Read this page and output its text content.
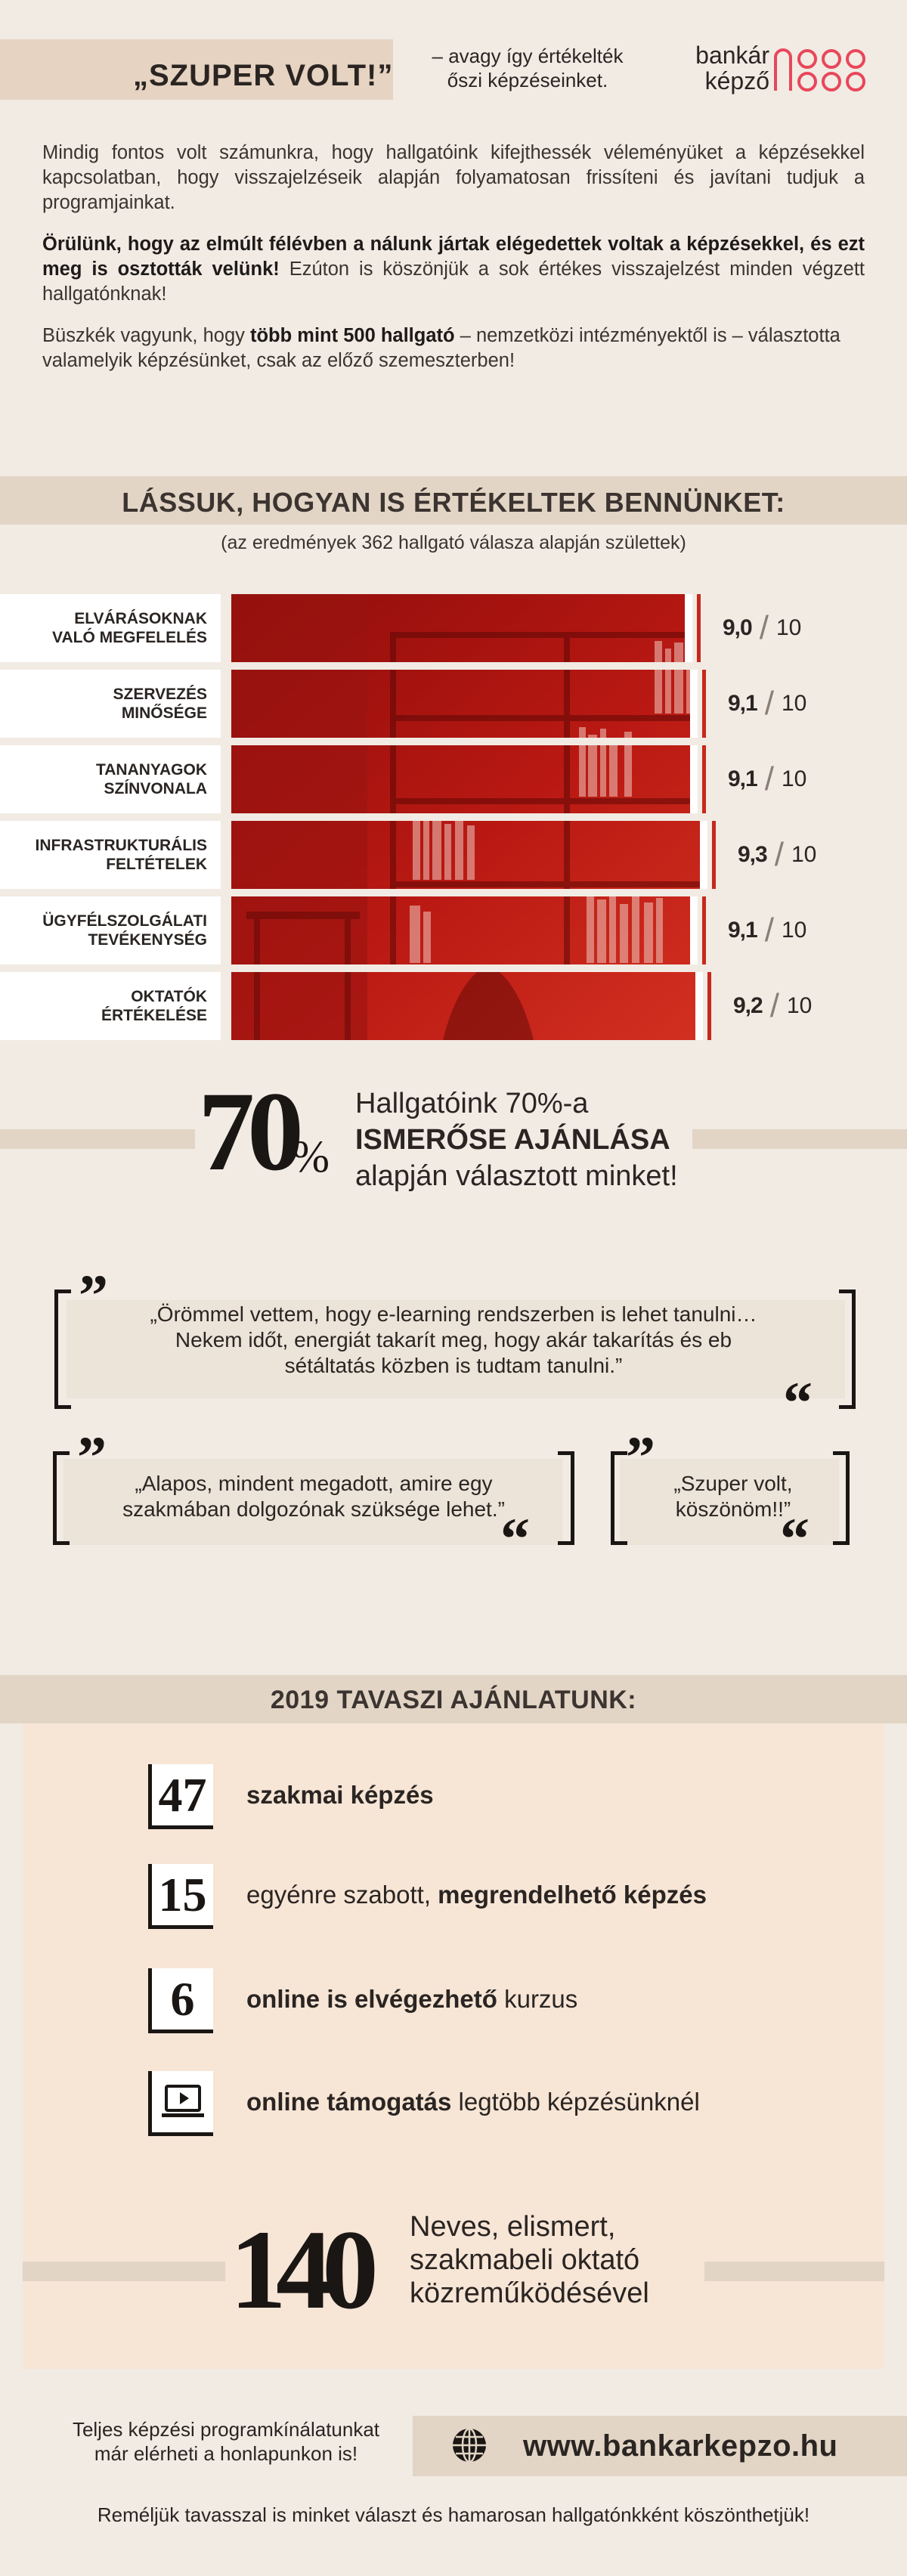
„SZUPER VOLT!”
– avagy így értékelték
őszi képzéseinket.
bankár
képző

Mindig fontos volt számunkra, hogy hallgatóink kifejthessék véleményüket a képzésekkel kapcsolatban, hogy visszajelzéseik alapján folyamatosan frissíteni és javítani tudjuk a programjainkat.

Örülünk, hogy az elmúlt félévben a nálunk jártak elégedettek voltak a képzésekkel, és ezt meg is osztották velünk! Ezúton is köszönjük a sok értékes visszajelzést minden végzett hallgatónknak!

Büszkék vagyunk, hogy több mint 500 hallgató – nemzetközi intézményektől is – választotta valamelyik képzésünket, csak az előző szemeszterben!

LÁSSUK, HOGYAN IS ÉRTÉKELTEK BENNÜNKET:
(az eredmények 362 hallgató válasza alapján születtek)
ELVÁRÁSOKNAK
VALÓ MEGFELELÉS	9,0 / 10
SZERVEZÉS
MINŐSÉGE	9,1 / 10
TANANYAGOK
SZÍNVONALA	9,1 / 10
INFRASTRUKTURÁLIS
FELTÉTELEK	9,3 / 10
ÜGYFÉLSZOLGÁLATI
TEVÉKENYSÉG	9,1 / 10
OKTATÓK
ÉRTÉKELÉSE	9,2 / 10
70
%
Hallgatóink 70%-a
ISMERŐSE AJÁNLÁSA
alapján választott minket!
”
“
„Örömmel vettem, hogy e-learning rendszerben is lehet tanulni…
Nekem időt, energiát takarít meg, hogy akár takarítás és eb
sétáltatás közben is tudtam tanulni.”
”
“
„Alapos, mindent megadott, amire egy
szakmában dolgozónak szüksége lehet.”
”
“
„Szuper volt,
köszönöm!!”
2019 TAVASZI AJÁNLATUNK:
47 szakmai képzés
15 egyénre szabott, megrendelhető képzés
6	online is elvégezhető kurzus
online támogatás legtöbb képzésünknél
140 Neves, elismert,
szakmabeli oktató
közreműködésével
Teljes képzési programkínálatunkat
már elérheti a honlapunkon is!	www.bankarkepzo.hu
Reméljük tavasszal is minket választ és hamarosan hallgatónkként köszönthetjük!
